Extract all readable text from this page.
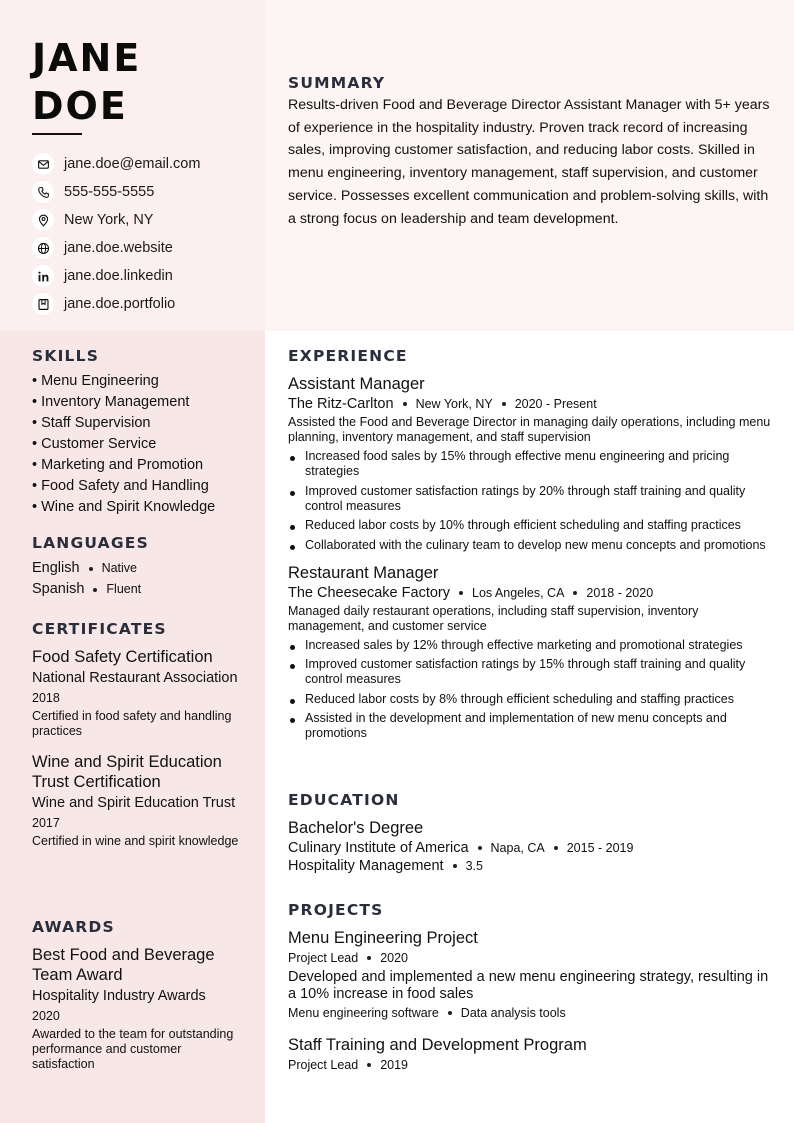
JANE
DOE
jane.doe@email.com
555-555-5555
New York, NY
jane.doe.website
jane.doe.linkedin
jane.doe.portfolio
SUMMARY

Results-driven Food and Beverage Director Assistant Manager with 5+ years of experience in the hospitality industry. Proven track record of increasing sales, improving customer satisfaction, and reducing labor costs. Skilled in menu engineering, inventory management, staff supervision, and customer service. Possesses excellent communication and problem-solving skills, with a strong focus on leadership and team development.

SKILLS
• Menu Engineering
• Inventory Management
• Staff Supervision
• Customer Service
• Marketing and Promotion
• Food Safety and Handling
• Wine and Spirit Knowledge
LANGUAGES
English Native
Spanish Fluent
CERTIFICATES
Food Safety Certification
National Restaurant Association
2018
Certified in food safety and handling practices
Wine and Spirit Education Trust Certification
Wine and Spirit Education Trust
2017
Certified in wine and spirit knowledge
AWARDS
Best Food and Beverage Team Award
Hospitality Industry Awards
2020
Awarded to the team for outstanding performance and customer satisfaction
EXPERIENCE
Assistant Manager
The Ritz-Carlton New York, NY 2020 - Present
Assisted the Food and Beverage Director in managing daily operations, including menu planning, inventory management, and staff supervision
Increased food sales by 15% through effective menu engineering and pricing strategies
Improved customer satisfaction ratings by 20% through staff training and quality control measures
Reduced labor costs by 10% through efficient scheduling and staffing practices
Collaborated with the culinary team to develop new menu concepts and promotions
Restaurant Manager
The Cheesecake Factory Los Angeles, CA 2018 - 2020
Managed daily restaurant operations, including staff supervision, inventory management, and customer service
Increased sales by 12% through effective marketing and promotional strategies
Improved customer satisfaction ratings by 15% through staff training and quality control measures
Reduced labor costs by 8% through efficient scheduling and staffing practices
Assisted in the development and implementation of new menu concepts and promotions
EDUCATION
Bachelor's Degree
Culinary Institute of America Napa, CA 2015 - 2019
Hospitality Management 3.5
PROJECTS
Menu Engineering Project
Project Lead 2020
Developed and implemented a new menu engineering strategy, resulting in a 10% increase in food sales
Menu engineering software Data analysis tools
Staff Training and Development Program
Project Lead 2019
